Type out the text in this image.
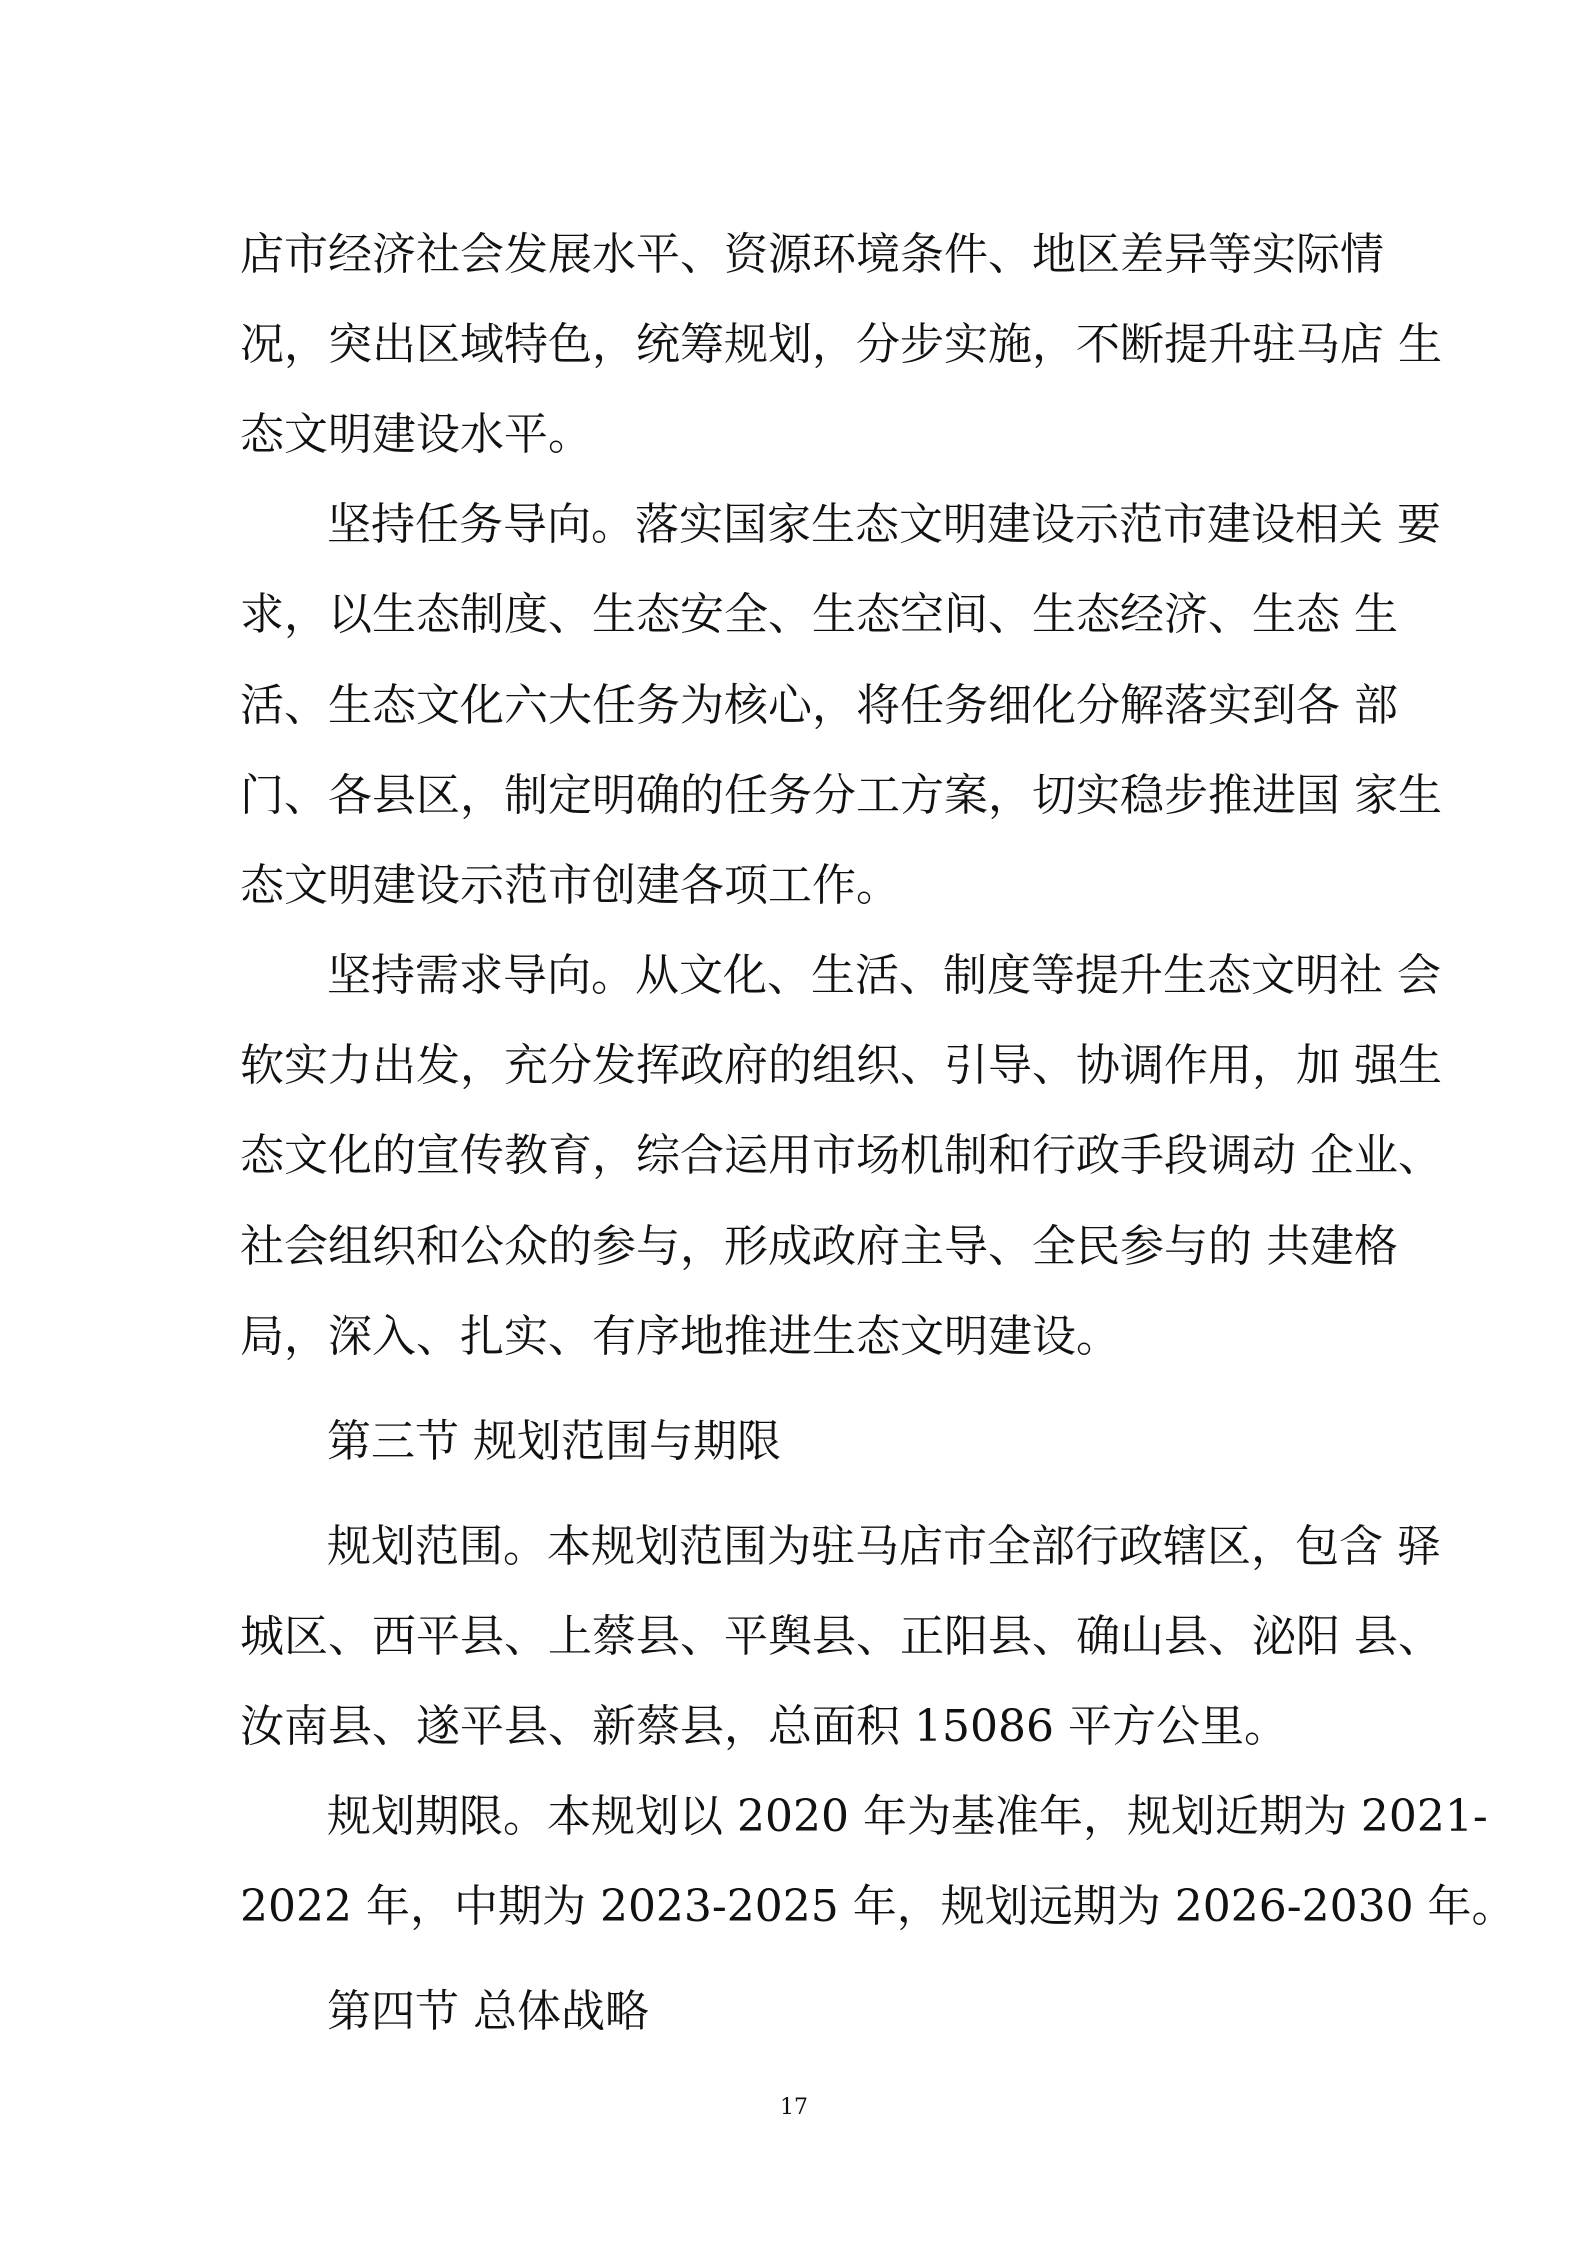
店市经济社会发展水平、资源环境条件、地区差异等实际情
况，突出区域特色，统筹规划，分步实施，不断提升驻马店 生
态文明建设水平。
坚持任务导向。落实国家生态文明建设示范市建设相关 要
求，以生态制度、生态安全、生态空间、生态经济、生态 生
活、生态文化六大任务为核心，将任务细化分解落实到各 部
门、各县区，制定明确的任务分工方案，切实稳步推进国 家生
态文明建设示范市创建各项工作。
坚持需求导向。从文化、生活、制度等提升生态文明社 会
软实力出发，充分发挥政府的组织、引导、协调作用，加 强生
态文化的宣传教育，综合运用市场机制和行政手段调动 企业、
社会组织和公众的参与，形成政府主导、全民参与的 共建格
局，深入、扎实、有序地推进生态文明建设。
第三节 规划范围与期限
规划范围。本规划范围为驻马店市全部行政辖区，包含 驿
城区、西平县、上蔡县、平舆县、正阳县、确山县、泌阳 县、
汝南县、遂平县、新蔡县，总面积 15086 平方公里。
规划期限。本规划以 2020 年为基准年，规划近期为 2021-
2022 年，中期为 2023-2025 年，规划远期为 2026-2030 年。
第四节 总体战略
17
